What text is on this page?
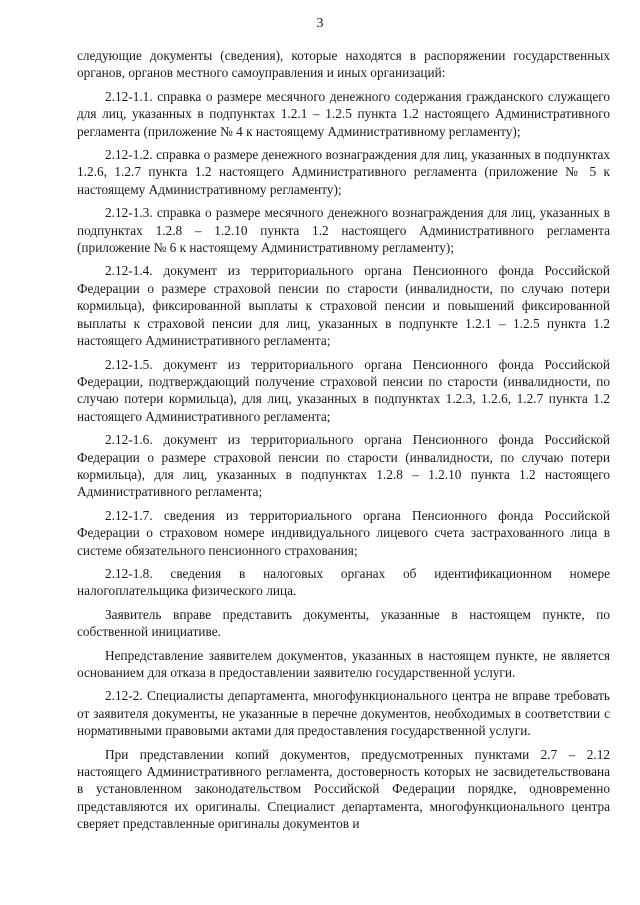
3

следующие документы (сведения), которые находятся в распоряжении государственных органов, органов местного самоуправления и иных организаций:

2.12-1.1. справка о размере месячного денежного содержания гражданского служащего для лиц, указанных в подпунктах 1.2.1 – 1.2.5 пункта 1.2 настоящего Административного регламента (приложение № 4 к настоящему Административному регламенту);

2.12-1.2. справка о размере денежного вознаграждения для лиц, указанных в подпунктах 1.2.6, 1.2.7 пункта 1.2 настоящего Административного регламента (приложение № 5 к настоящему Административному регламенту);

2.12-1.3. справка о размере месячного денежного вознаграждения для лиц, указанных в подпунктах 1.2.8 – 1.2.10 пункта 1.2 настоящего Административного регламента (приложение № 6 к настоящему Административному регламенту);

2.12-1.4. документ из территориального органа Пенсионного фонда Российской Федерации о размере страховой пенсии по старости (инвалидности, по случаю потери кормильца), фиксированной выплаты к страховой пенсии и повышений фиксированной выплаты к страховой пенсии для лиц, указанных в подпункте 1.2.1 – 1.2.5 пункта 1.2 настоящего Административного регламента;

2.12-1.5. документ из территориального органа Пенсионного фонда Российской Федерации, подтверждающий получение страховой пенсии по старости (инвалидности, по случаю потери кормильца), для лиц, указанных в подпунктах 1.2.3, 1.2.6, 1.2.7 пункта 1.2 настоящего Административного регламента;

2.12-1.6. документ из территориального органа Пенсионного фонда Российской Федерации о размере страховой пенсии по старости (инвалидности, по случаю потери кормильца), для лиц, указанных в подпунктах 1.2.8 – 1.2.10 пункта 1.2 настоящего Административного регламента;

2.12-1.7. сведения из территориального органа Пенсионного фонда Российской Федерации о страховом номере индивидуального лицевого счета застрахованного лица в системе обязательного пенсионного страхования;

2.12-1.8. сведения в налоговых органах об идентификационном номере налогоплательщика физического лица.

Заявитель вправе представить документы, указанные в настоящем пункте, по собственной инициативе.

Непредставление заявителем документов, указанных в настоящем пункте, не является основанием для отказа в предоставлении заявителю государственной услуги.

2.12-2. Специалисты департамента, многофункционального центра не вправе требовать от заявителя документы, не указанные в перечне документов, необходимых в соответствии с нормативными правовыми актами для предоставления государственной услуги.

При представлении копий документов, предусмотренных пунктами 2.7 – 2.12 настоящего Административного регламента, достоверность которых не засвидетельствована в установленном законодательством Российской Федерации порядке, одновременно представляются их оригиналы. Специалист департамента, многофункционального центра сверяет представленные оригиналы документов и
